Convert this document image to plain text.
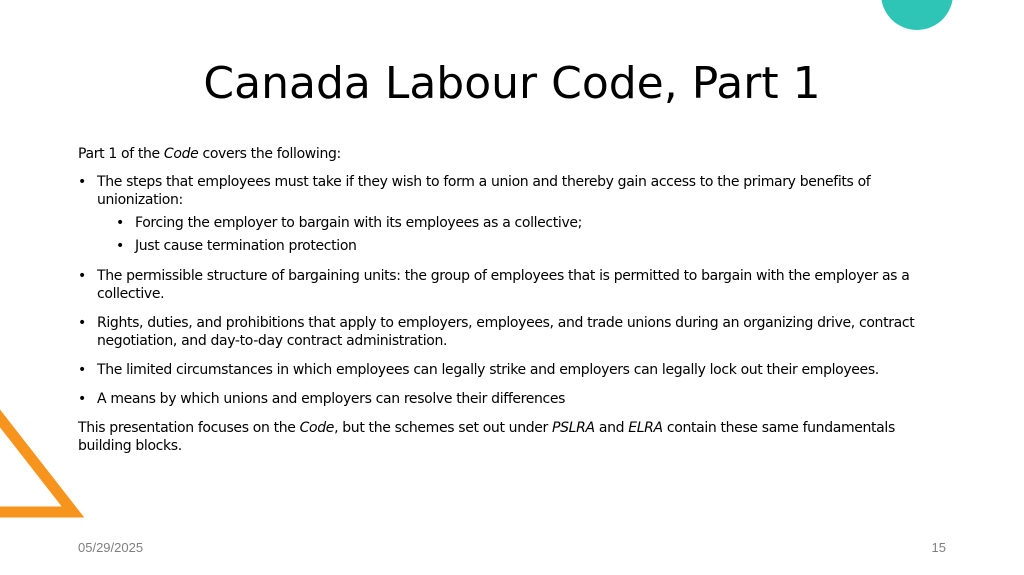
Canada Labour Code, Part 1

Part 1 of the Code covers the following:

• The steps that employees must take if they wish to form a union and thereby gain access to the primary benefits of unionization:
• Forcing the employer to bargain with its employees as a collective;
• Just cause termination protection
• The permissible structure of bargaining units: the group of employees that is permitted to bargain with the employer as a collective.
• Rights, duties, and prohibitions that apply to employers, employees, and trade unions during an organizing drive, contract negotiation, and day-to-day contract administration.
• The limited circumstances in which employees can legally strike and employers can legally lock out their employees.
• A means by which unions and employers can resolve their differences

This presentation focuses on the Code, but the schemes set out under PSLRA and ELRA contain these same fundamentals building blocks.

05/29/2025	15
